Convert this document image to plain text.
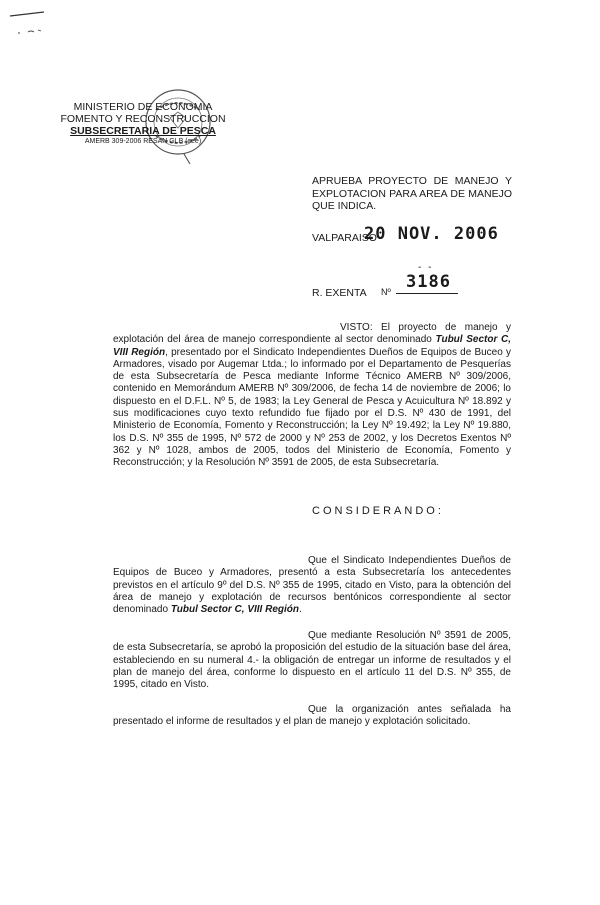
MINISTERIO DE ECONOMIA
FOMENTO Y RECONSTRUCCION
SUBSECRETARIA DE PESCA
AMERB 309-2006 RESAN GLB (cee)
APRUEBA PROYECTO DE MANEJO Y EXPLOTACION PARA AREA DE MANEJO QUE INDICA.
VALPARAISO
20 NOV. 2006
- -
R. EXENTA Nº 3186
VISTO: El proyecto de manejo y explotación del área de manejo correspondiente al sector denominado Tubul Sector C, VIII Región, presentado por el Sindicato Independientes Dueños de Equipos de Buceo y Armadores, visado por Augemar Ltda.; lo informado por el Departamento de Pesquerías de esta Subsecretaría de Pesca mediante Informe Técnico AMERB Nº 309/2006, contenido en Memorándum AMERB Nº 309/2006, de fecha 14 de noviembre de 2006; lo dispuesto en el D.F.L. Nº 5, de 1983; la Ley General de Pesca y Acuicultura Nº 18.892 y sus modificaciones cuyo texto refundido fue fijado por el D.S. Nº 430 de 1991, del Ministerio de Economía, Fomento y Reconstrucción; la Ley Nº 19.492; la Ley Nº 19.880, los D.S. Nº 355 de 1995, Nº 572 de 2000 y Nº 253 de 2002, y los Decretos Exentos Nº 362 y Nº 1028, ambos de 2005, todos del Ministerio de Economía, Fomento y Reconstrucción; y la Resolución Nº 3591 de 2005, de esta Subsecretaría.
CONSIDERANDO:
Que el Sindicato Independientes Dueños de Equipos de Buceo y Armadores, presentó a esta Subsecretaría los antecedentes previstos en el artículo 9º del D.S. Nº 355 de 1995, citado en Visto, para la obtención del área de manejo y explotación de recursos bentónicos correspondiente al sector denominado Tubul Sector C, VIII Región.
Que mediante Resolución Nº 3591 de 2005, de esta Subsecretaría, se aprobó la proposición del estudio de la situación base del área, estableciendo en su numeral 4.- la obligación de entregar un informe de resultados y el plan de manejo del área, conforme lo dispuesto en el artículo 11 del D.S. Nº 355, de 1995, citado en Visto.
Que la organización antes señalada ha presentado el informe de resultados y el plan de manejo y explotación solicitado.
